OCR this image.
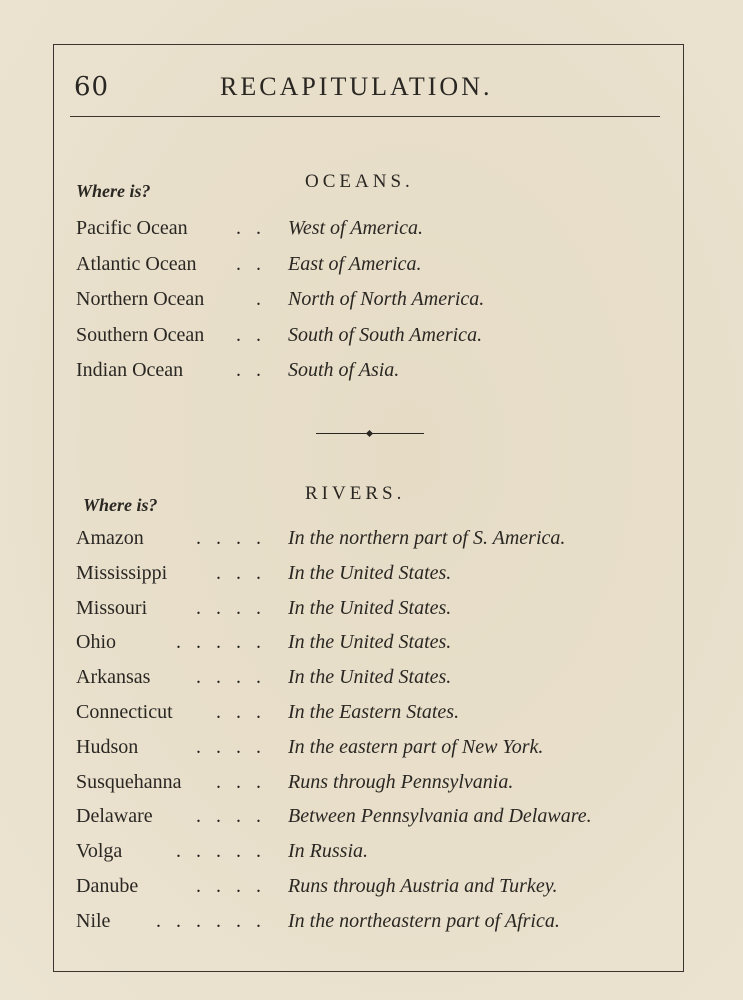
60	RECAPITULATION.
OCEANS.
Where is?
Pacific Ocean . . West of America.
Atlantic Ocean . . East of America.
Northern Ocean	. North of North America.
Southern Ocean . . South of South America.
Indian Ocean	. . South of Asia.
RIVERS.
Where is?
Amazon	. . . . In the northern part of S. America.
Mississippi . . . In the United States.
Missouri . . . . In the United States.
Ohio	. . . . . In the United States.
Arkansas . . . . In the United States.
Connecticut . . . In the Eastern States.
Hudson	. . . . In the eastern part of New York.
Susquehanna . . . Runs through Pennsylvania.
Delaware . . . . Between Pennsylvania and Delaware.
Volga	. . . . . In Russia.
Danube	. . . . Runs through Austria and Turkey.
Nile . . . . . . In the northeastern part of Africa.
